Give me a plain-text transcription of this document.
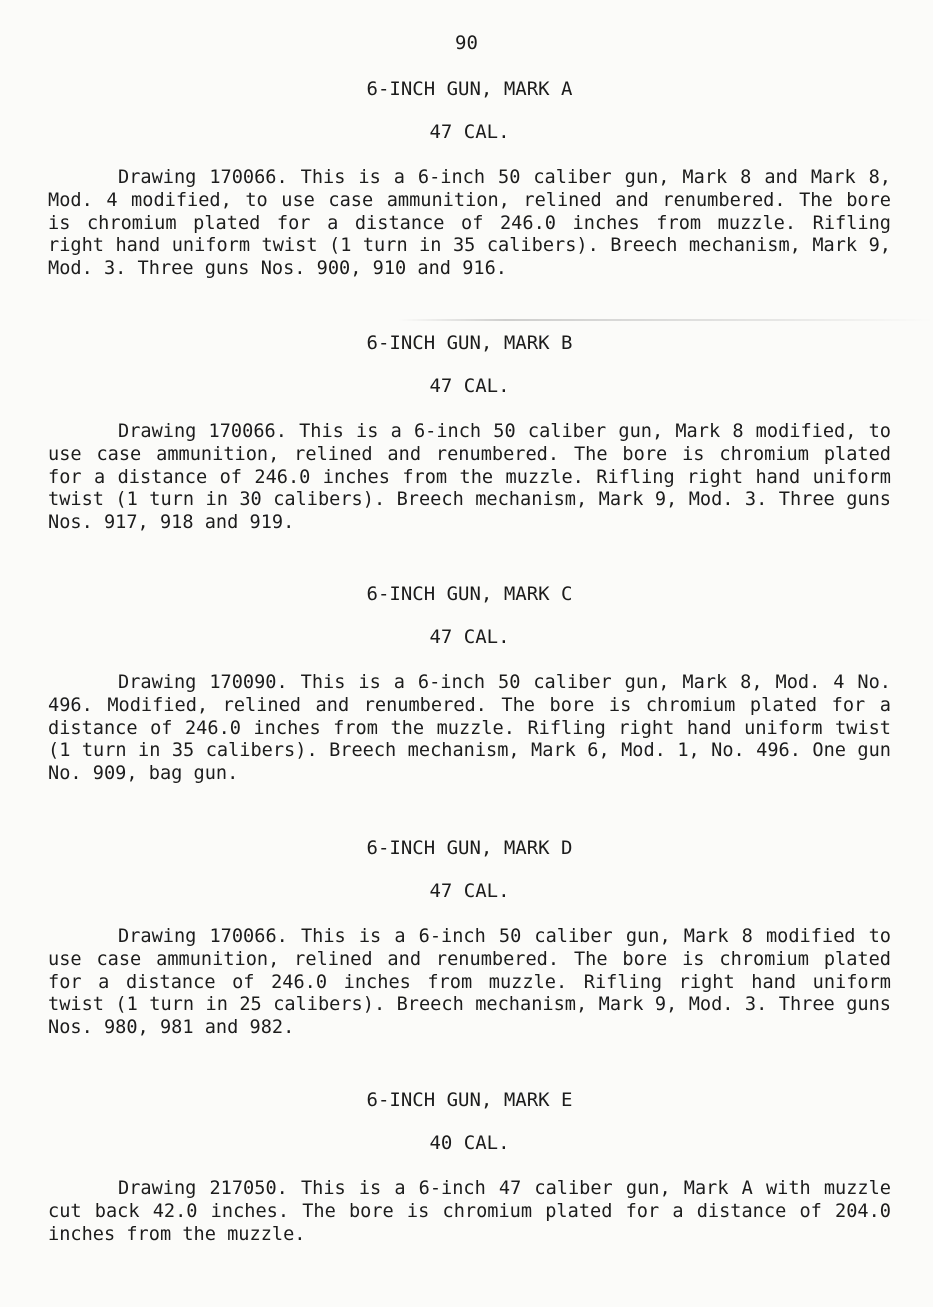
90

6-INCH GUN, MARK A

47 CAL.

Drawing 170066. This is a 6-inch 50 caliber gun, Mark 8 and Mark 8, Mod. 4 modified, to use case ammunition, relined and renumbered. The bore is chromium plated for a distance of 246.0 inches from muzzle. Rifling right hand uniform twist (1 turn in 35 calibers). Breech mechanism, Mark 9, Mod. 3. Three guns Nos. 900, 910 and 916.

6-INCH GUN, MARK B

47 CAL.

Drawing 170066. This is a 6-inch 50 caliber gun, Mark 8 modified, to use case ammunition, relined and renumbered. The bore is chromium plated for a distance of 246.0 inches from the muzzle. Rifling right hand uniform twist (1 turn in 30 calibers). Breech mechanism, Mark 9, Mod. 3. Three guns Nos. 917, 918 and 919.

6-INCH GUN, MARK C

47 CAL.

Drawing 170090. This is a 6-inch 50 caliber gun, Mark 8, Mod. 4 No. 496. Modified, relined and renumbered. The bore is chromium plated for a distance of 246.0 inches from the muzzle. Rifling right hand uniform twist (1 turn in 35 calibers). Breech mechanism, Mark 6, Mod. 1, No. 496. One gun No. 909, bag gun.

6-INCH GUN, MARK D

47 CAL.

Drawing 170066. This is a 6-inch 50 caliber gun, Mark 8 modified to use case ammunition, relined and renumbered. The bore is chromium plated for a distance of 246.0 inches from muzzle. Rifling right hand uniform twist (1 turn in 25 calibers). Breech mechanism, Mark 9, Mod. 3. Three guns Nos. 980, 981 and 982.

6-INCH GUN, MARK E

40 CAL.

Drawing 217050. This is a 6-inch 47 caliber gun, Mark A with muzzle cut back 42.0 inches. The bore is chromium plated for a distance of 204.0 inches from the muzzle.
